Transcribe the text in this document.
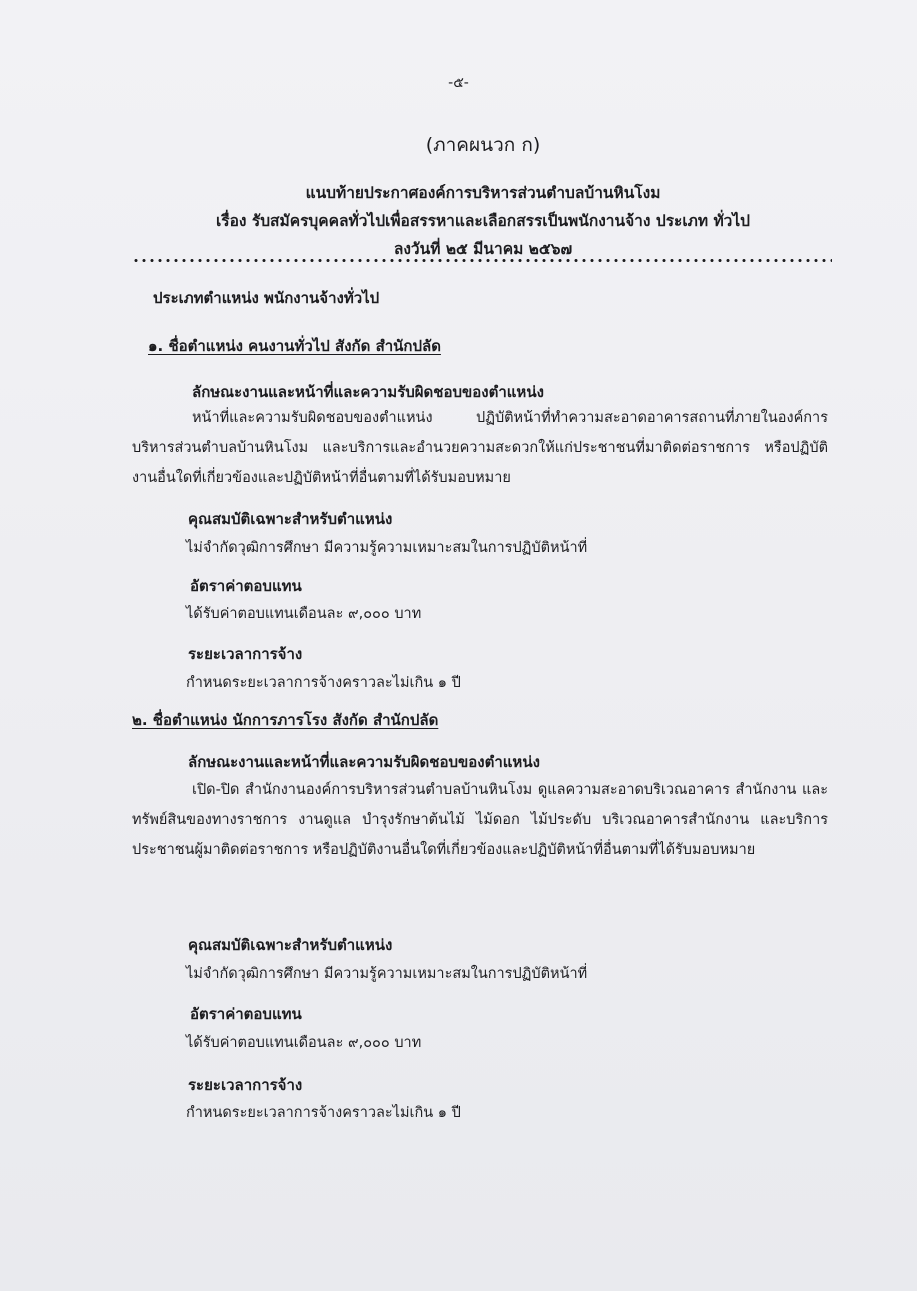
-๕-
(ภาคผนวก ก)
แนบท้ายประกาศองค์การบริหารส่วนตำบลบ้านหินโงม
เรื่อง รับสมัครบุคคลทั่วไปเพื่อสรรหาและเลือกสรรเป็นพนักงานจ้าง ประเภท ทั่วไป
ลงวันที่ ๒๕ มีนาคม ๒๕๖๗
ประเภทตำแหน่ง พนักงานจ้างทั่วไป
๑. ชื่อตำแหน่ง คนงานทั่วไป สังกัด สำนักปลัด
ลักษณะงานและหน้าที่และความรับผิดชอบของตำแหน่ง
หน้าที่และความรับผิดชอบของตำแหน่ง ปฏิบัติหน้าที่ทำความสะอาดอาคารสถานที่ภายในองค์การบริหารส่วนตำบลบ้านหินโงม และบริการและอำนวยความสะดวกให้แก่ประชาชนที่มาติดต่อราชการ หรือปฏิบัติงานอื่นใดที่เกี่ยวข้องและปฏิบัติหน้าที่อื่นตามที่ได้รับมอบหมาย
คุณสมบัติเฉพาะสำหรับตำแหน่ง
ไม่จำกัดวุฒิการศึกษา มีความรู้ความเหมาะสมในการปฏิบัติหน้าที่
อัตราค่าตอบแทน
ได้รับค่าตอบแทนเดือนละ ๙,๐๐๐ บาท
ระยะเวลาการจ้าง
กำหนดระยะเวลาการจ้างคราวละไม่เกิน ๑ ปี
๒. ชื่อตำแหน่ง นักการภารโรง สังกัด สำนักปลัด
ลักษณะงานและหน้าที่และความรับผิดชอบของตำแหน่ง
เปิด-ปิด สำนักงานองค์การบริหารส่วนตำบลบ้านหินโงม ดูแลความสะอาดบริเวณอาคาร สำนักงาน และทรัพย์สินของทางราชการ งานดูแล บำรุงรักษาต้นไม้ ไม้ดอก ไม้ประดับ บริเวณอาคารสำนักงาน และบริการประชาชนผู้มาติดต่อราชการ หรือปฏิบัติงานอื่นใดที่เกี่ยวข้องและปฏิบัติหน้าที่อื่นตามที่ได้รับมอบหมาย
คุณสมบัติเฉพาะสำหรับตำแหน่ง
ไม่จำกัดวุฒิการศึกษา มีความรู้ความเหมาะสมในการปฏิบัติหน้าที่
อัตราค่าตอบแทน
ได้รับค่าตอบแทนเดือนละ ๙,๐๐๐ บาท
ระยะเวลาการจ้าง
กำหนดระยะเวลาการจ้างคราวละไม่เกิน ๑ ปี
